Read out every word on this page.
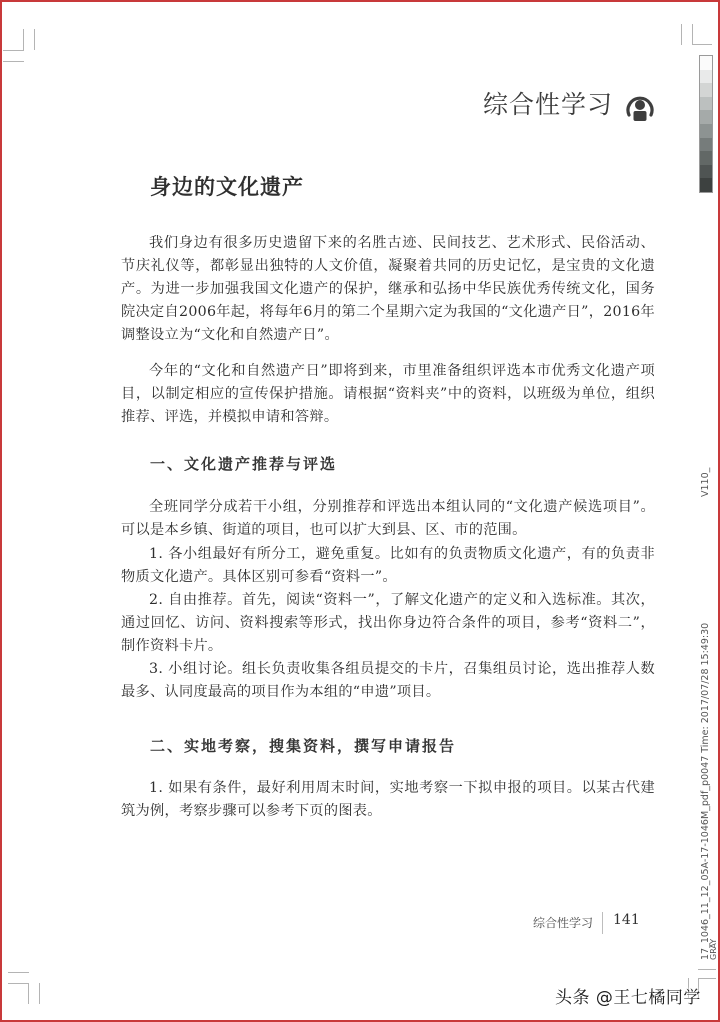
综合性学习
身边的文化遗产

我们身边有很多历史遗留下来的名胜古迹、民间技艺、艺术形式、民俗活动、节庆礼仪等，都彰显出独特的人文价值，凝聚着共同的历史记忆，是宝贵的文化遗产。为进一步加强我国文化遗产的保护，继承和弘扬中华民族优秀传统文化，国务院决定自2006年起，将每年6月的第二个星期六定为我国的“文化遗产日”，2016年调整设立为“文化和自然遗产日”。

今年的“文化和自然遗产日”即将到来，市里准备组织评选本市优秀文化遗产项目，以制定相应的宣传保护措施。请根据“资料夹”中的资料，以班级为单位，组织推荐、评选，并模拟申请和答辩。

一、文化遗产推荐与评选

全班同学分成若干小组，分别推荐和评选出本组认同的“文化遗产候选项目”。可以是本乡镇、街道的项目，也可以扩大到县、区、市的范围。

1. 各小组最好有所分工，避免重复。比如有的负责物质文化遗产，有的负责非物质文化遗产。具体区别可参看“资料一”。

2. 自由推荐。首先，阅读“资料一”，了解文化遗产的定义和入选标准。其次，通过回忆、访问、资料搜索等形式，找出你身边符合条件的项目，参考“资料二”，制作资料卡片。

3. 小组讨论。组长负责收集各组员提交的卡片，召集组员讨论，选出推荐人数最多、认同度最高的项目作为本组的“申遗”项目。

二、实地考察，搜集资料，撰写申请报告

1. 如果有条件，最好利用周末时间，实地考察一下拟申报的项目。以某古代建筑为例，考察步骤可以参考下页的图表。

综合性学习 141
V110_
17_1046_11_12_05A-17-1046M_pdf_p0047 Time: 2017/07/28 15:49:30
GRAY
头条 @王七橘同学
